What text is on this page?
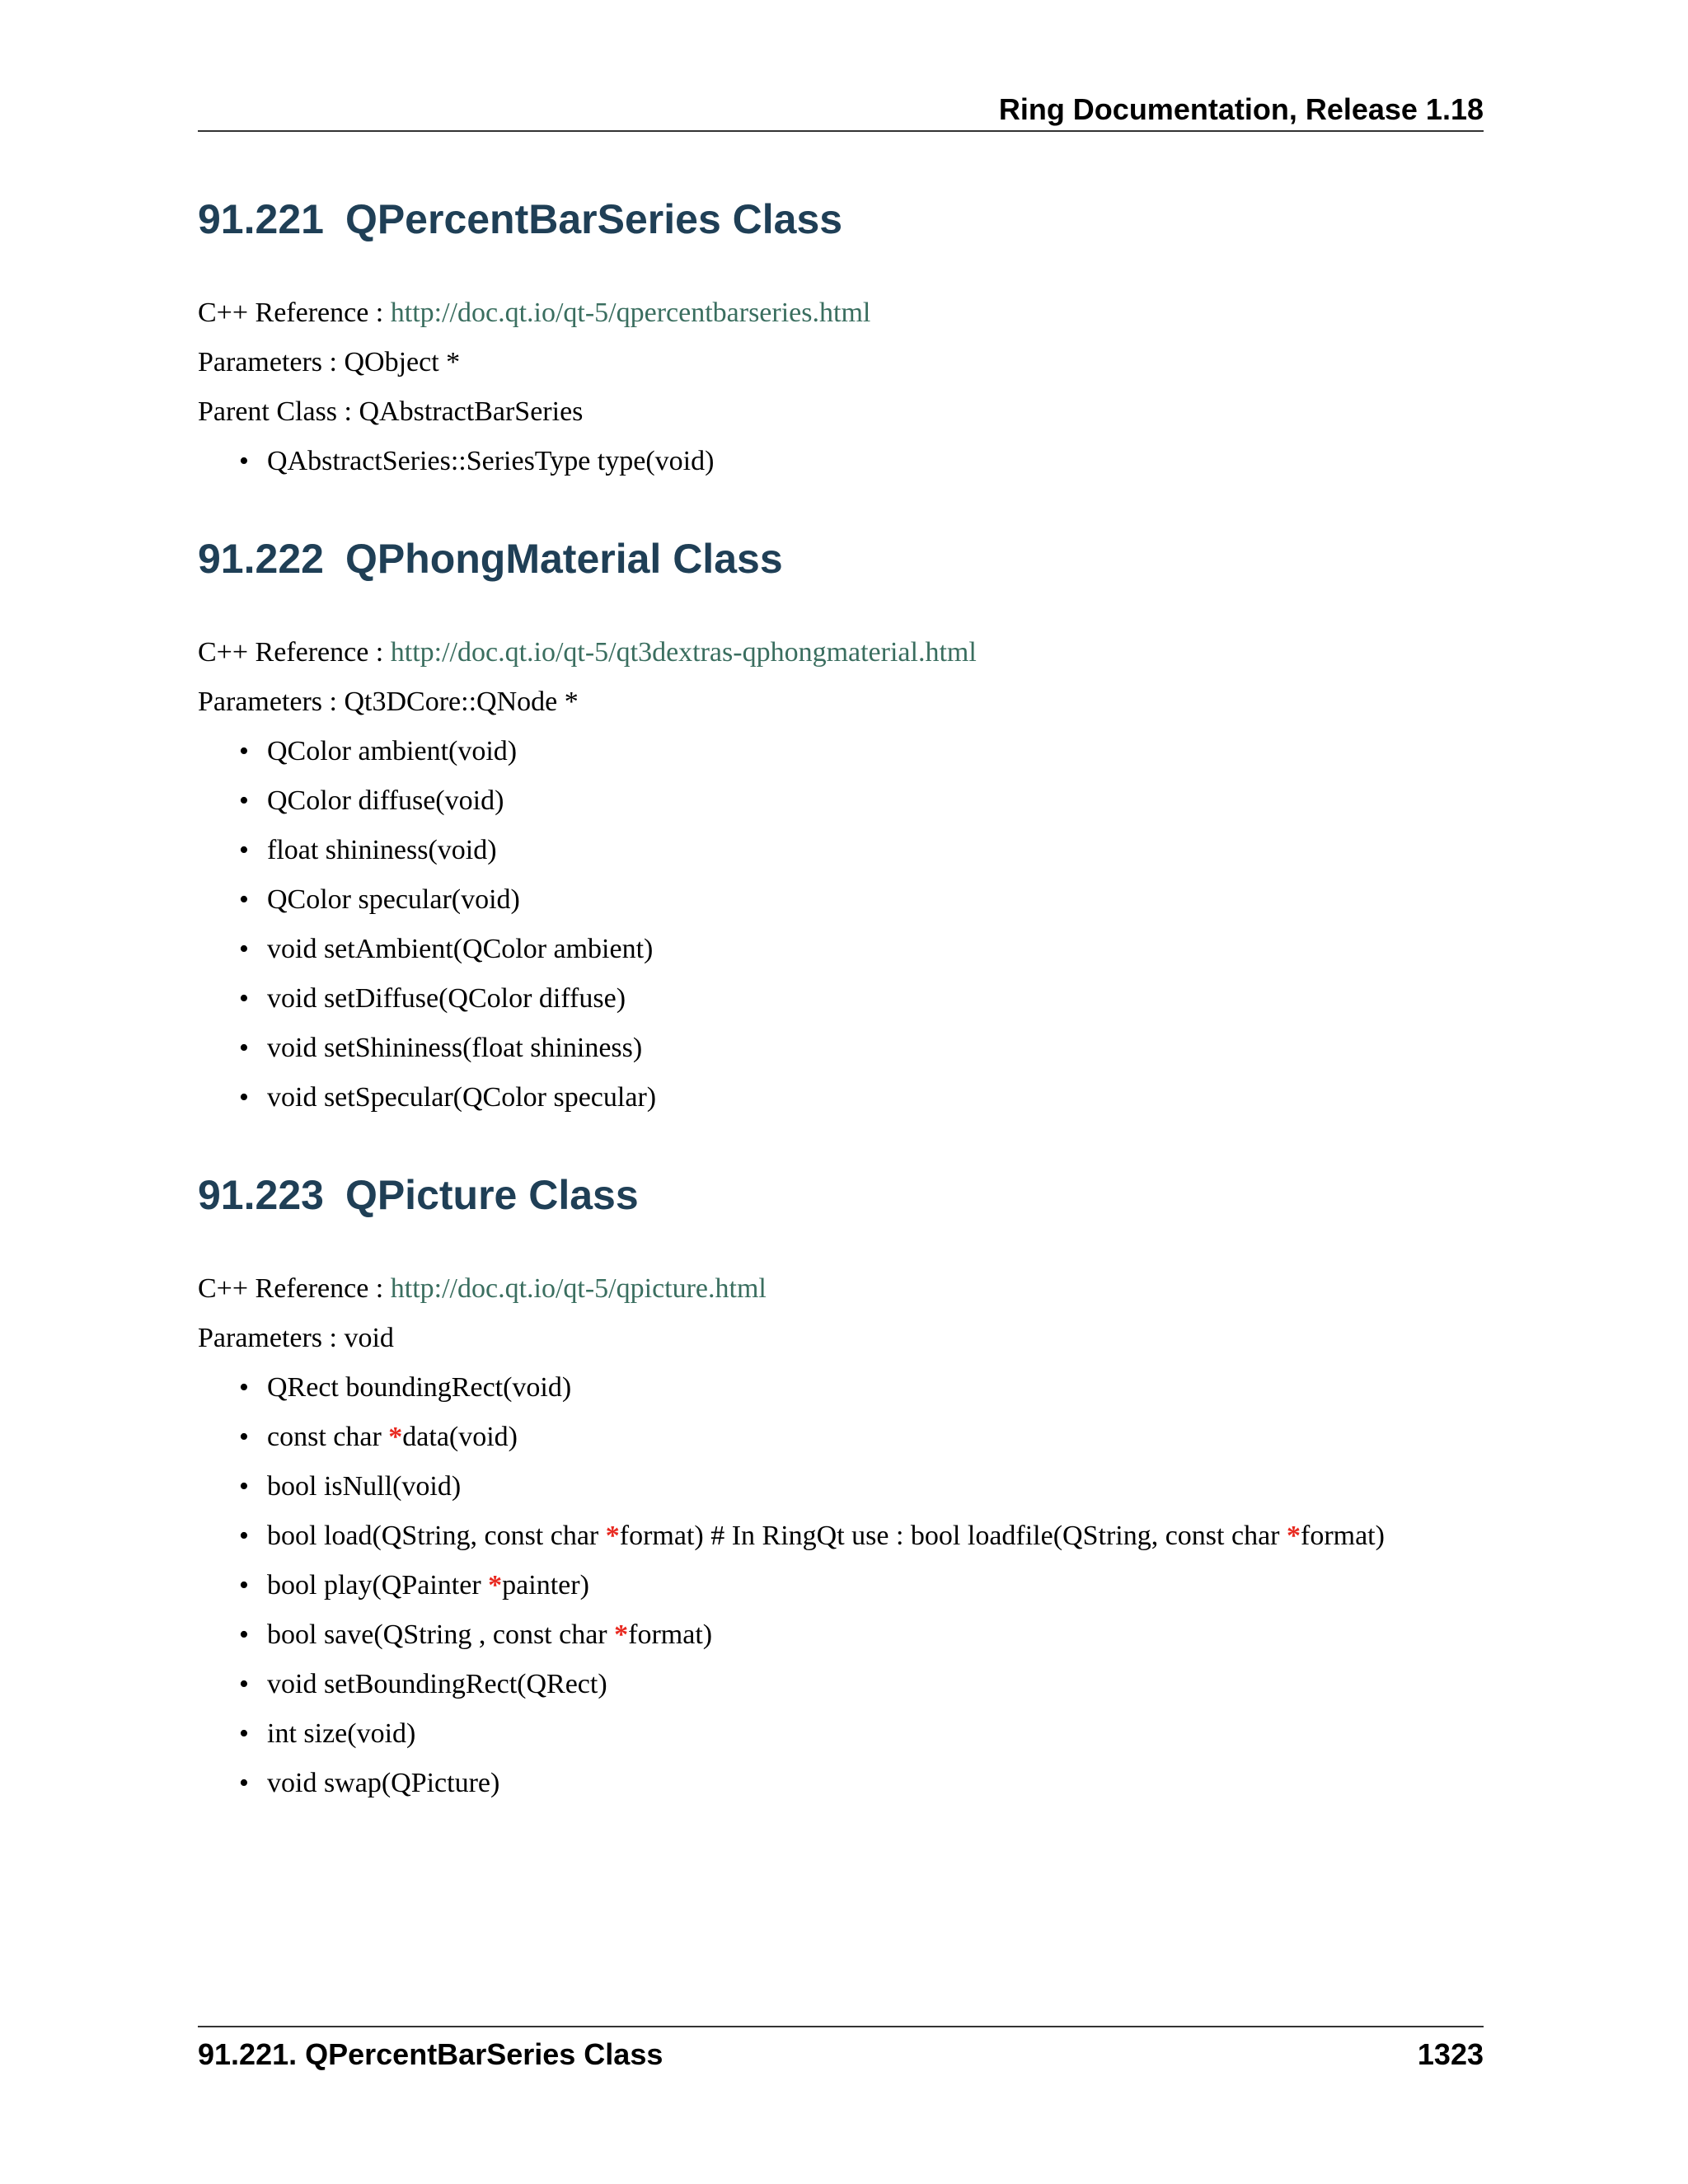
Ring Documentation, Release 1.18
91.221 QPercentBarSeries Class
C++ Reference : http://doc.qt.io/qt-5/qpercentbarseries.html
Parameters : QObject *
Parent Class : QAbstractBarSeries
• QAbstractSeries::SeriesType type(void)
91.222 QPhongMaterial Class
C++ Reference : http://doc.qt.io/qt-5/qt3dextras-qphongmaterial.html
Parameters : Qt3DCore::QNode *
• QColor ambient(void)
• QColor diffuse(void)
• float shininess(void)
• QColor specular(void)
• void setAmbient(QColor ambient)
• void setDiffuse(QColor diffuse)
• void setShininess(float shininess)
• void setSpecular(QColor specular)
91.223 QPicture Class
C++ Reference : http://doc.qt.io/qt-5/qpicture.html
Parameters : void
• QRect boundingRect(void)
• const char *data(void)
• bool isNull(void)
• bool load(QString, const char *format) # In RingQt use : bool loadfile(QString, const char *format)
• bool play(QPainter *painter)
• bool save(QString , const char *format)
• void setBoundingRect(QRect)
• int size(void)
• void swap(QPicture)
91.221. QPercentBarSeries Class	1323
